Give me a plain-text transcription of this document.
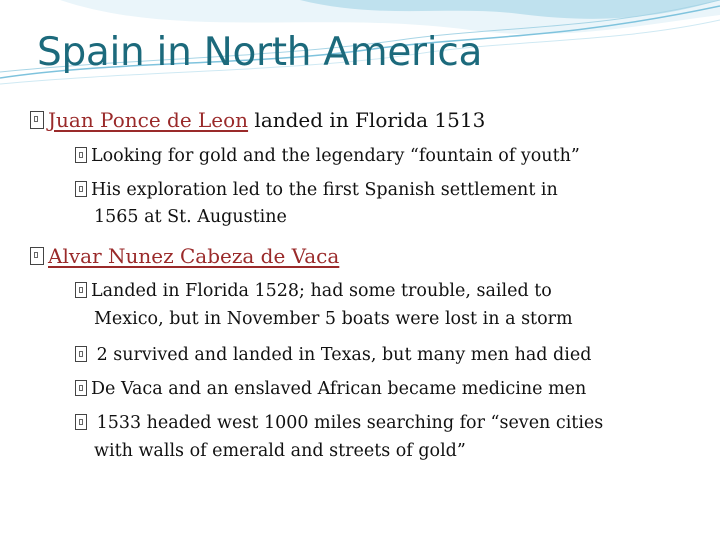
Spain in North America
Juan Ponce de Leon landed in Florida 1513
Looking for gold and the legendary “fountain of youth”
His exploration led to the first Spanish settlement in
1565 at St. Augustine
Alvar Nunez Cabeza de Vaca
Landed in Florida 1528; had some trouble, sailed to
Mexico, but in November 5 boats were lost in a storm
2 survived and landed in Texas, but many men had died
De Vaca and an enslaved African became medicine men
1533 headed west 1000 miles searching for “seven cities
with walls of emerald and streets of gold”
